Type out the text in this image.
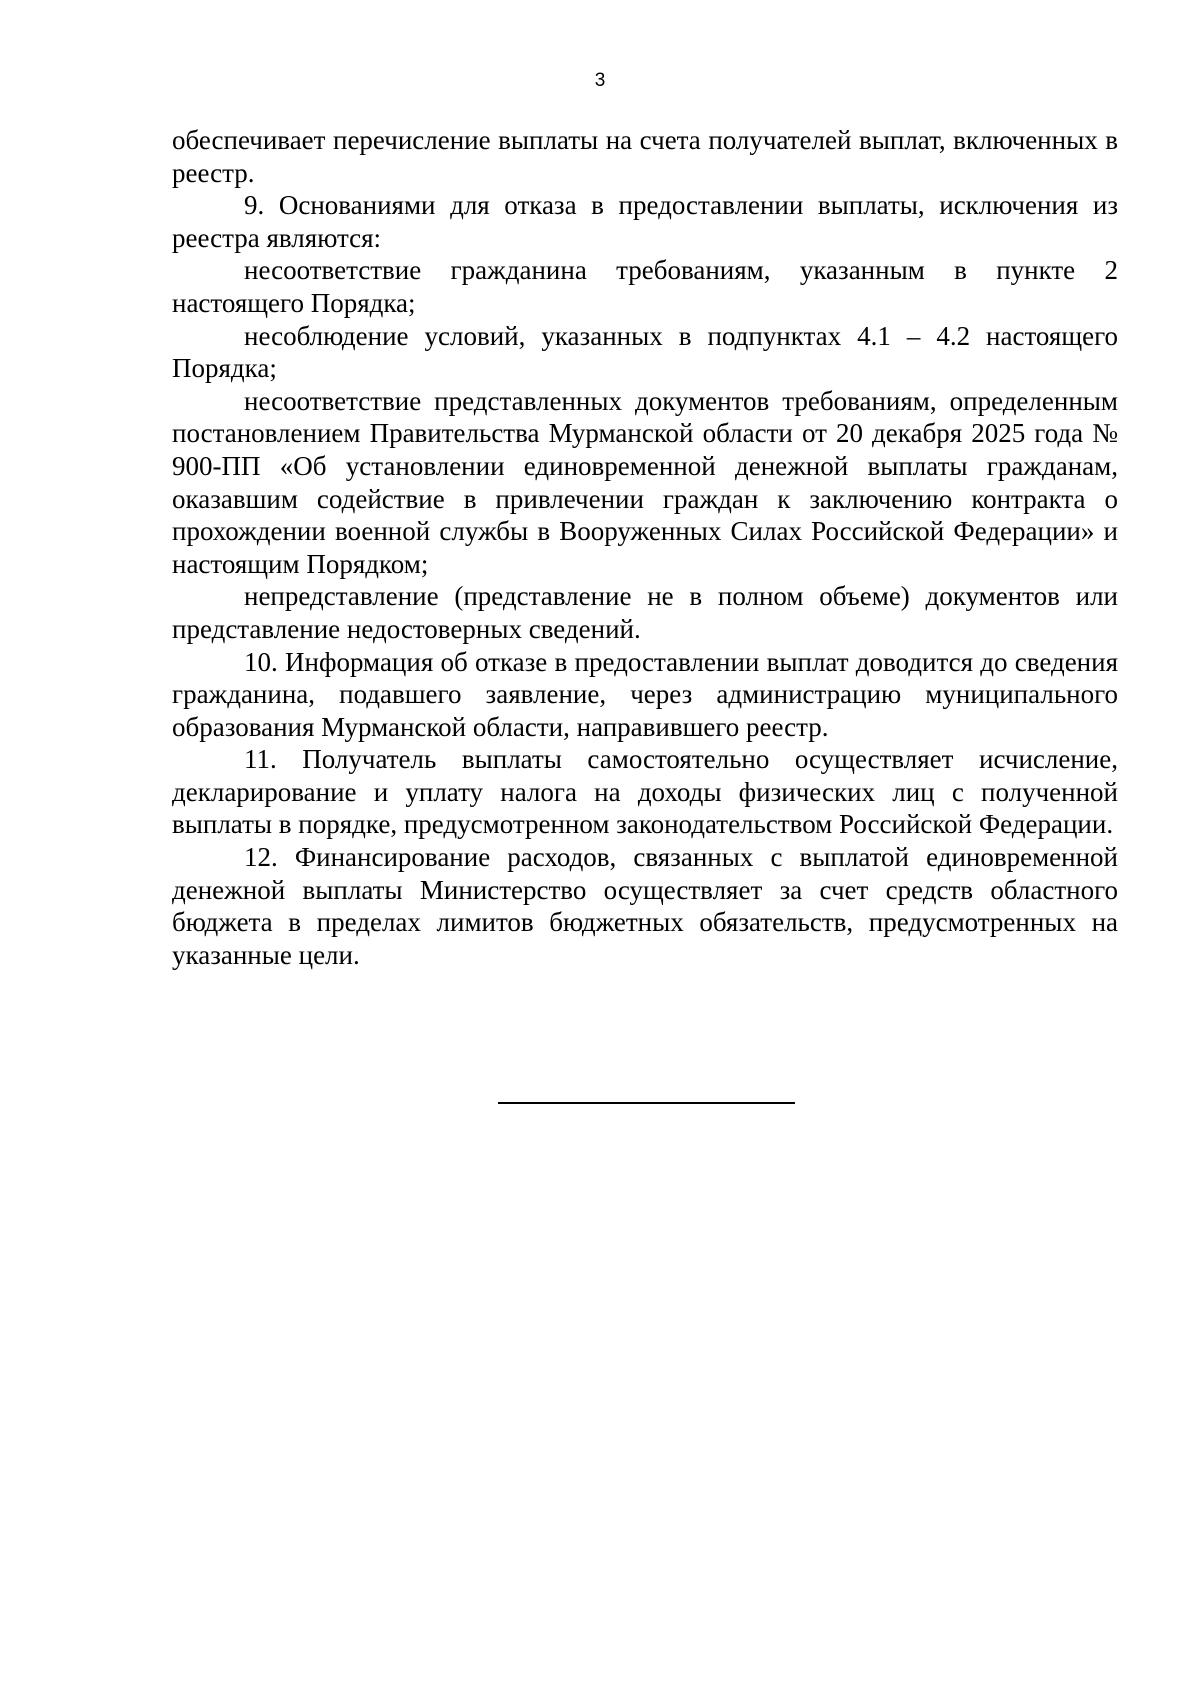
3

обеспечивает перечисление выплаты на счета получателей выплат, включенных в реестр.

9. Основаниями для отказа в предоставлении выплаты, исключения из реестра являются:

несоответствие гражданина требованиям, указанным в пункте 2 настоящего Порядка;

несоблюдение условий, указанных в подпунктах 4.1 – 4.2 настоящего Порядка;

несоответствие представленных документов требованиям, определенным постановлением Правительства Мурманской области от 20 декабря 2025 года № 900-ПП «Об установлении единовременной денежной выплаты гражданам, оказавшим содействие в привлечении граждан к заключению контракта о прохождении военной службы в Вооруженных Силах Российской Федерации» и настоящим Порядком;

непредставление (представление не в полном объеме) документов или представление недостоверных сведений.

10. Информация об отказе в предоставлении выплат доводится до сведения гражданина, подавшего заявление, через администрацию муниципального образования Мурманской области, направившего реестр.

11. Получатель выплаты самостоятельно осуществляет исчисление, декларирование и уплату налога на доходы физических лиц с полученной выплаты в порядке, предусмотренном законодательством Российской Федерации.

12. Финансирование расходов, связанных с выплатой единовременной денежной выплаты Министерство осуществляет за счет средств областного бюджета в пределах лимитов бюджетных обязательств, предусмотренных на указанные цели.
